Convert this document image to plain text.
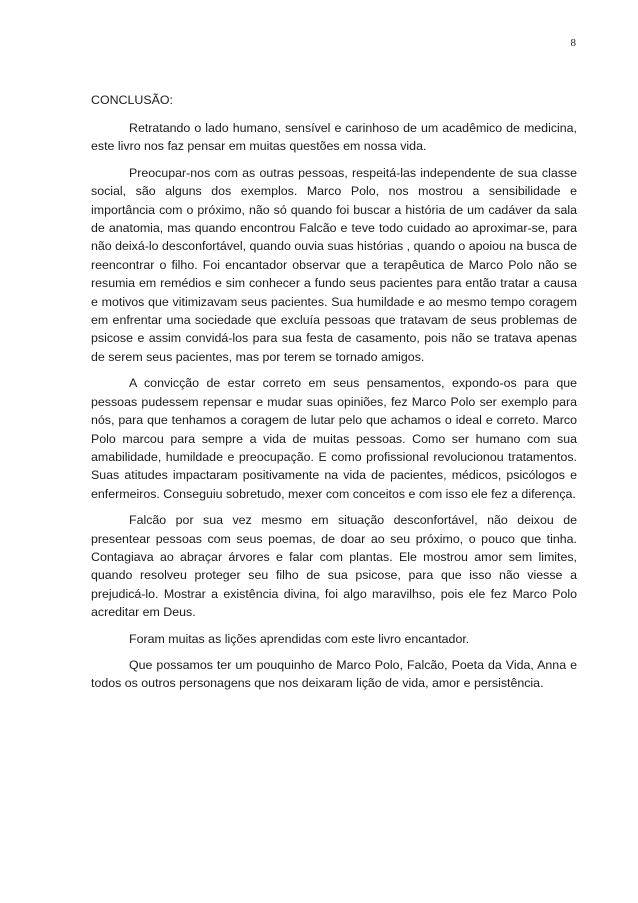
8
CONCLUSÃO:

Retratando o lado humano, sensível e carinhoso de um acadêmico de medicina, este livro nos faz pensar em muitas questões em nossa vida.

Preocupar-nos com as outras pessoas, respeitá-las independente de sua classe social, são alguns dos exemplos. Marco Polo, nos mostrou a sensibilidade e importância com o próximo, não só quando foi buscar a história de um cadáver da sala de anatomia, mas quando encontrou Falcão e teve todo cuidado ao aproximar-se, para não deixá-lo desconfortável, quando ouvia suas histórias , quando o apoiou na busca de reencontrar o filho. Foi encantador observar que a terapêutica de Marco Polo não se resumia em remédios e sim conhecer a fundo seus pacientes para então tratar a causa e motivos que vitimizavam seus pacientes. Sua humildade e ao mesmo tempo coragem em enfrentar uma sociedade que excluía pessoas que tratavam de seus problemas de psicose e assim convidá-los para sua festa de casamento, pois não se tratava apenas de serem seus pacientes, mas por terem se tornado amigos.

A convicção de estar correto em seus pensamentos, expondo-os para que pessoas pudessem repensar e mudar suas opiniões, fez Marco Polo ser exemplo para nós, para que tenhamos a coragem de lutar pelo que achamos o ideal e correto. Marco Polo marcou para sempre a vida de muitas pessoas. Como ser humano com sua amabilidade, humildade e preocupação. E como profissional revolucionou tratamentos. Suas atitudes impactaram positivamente na vida de pacientes, médicos, psicólogos e enfermeiros. Conseguiu sobretudo, mexer com conceitos e com isso ele fez a diferença.

Falcão por sua vez mesmo em situação desconfortável, não deixou de presentear pessoas com seus poemas, de doar ao seu próximo, o pouco que tinha. Contagiava ao abraçar árvores e falar com plantas. Ele mostrou amor sem limites, quando resolveu proteger seu filho de sua psicose, para que isso não viesse a prejudicá-lo. Mostrar a existência divina, foi algo maravilhso, pois ele fez Marco Polo acreditar em Deus.

Foram muitas as lições aprendidas com este livro encantador.

Que possamos ter um pouquinho de Marco Polo, Falcão, Poeta da Vida, Anna e todos os outros personagens que nos deixaram lição de vida, amor e persistência.
